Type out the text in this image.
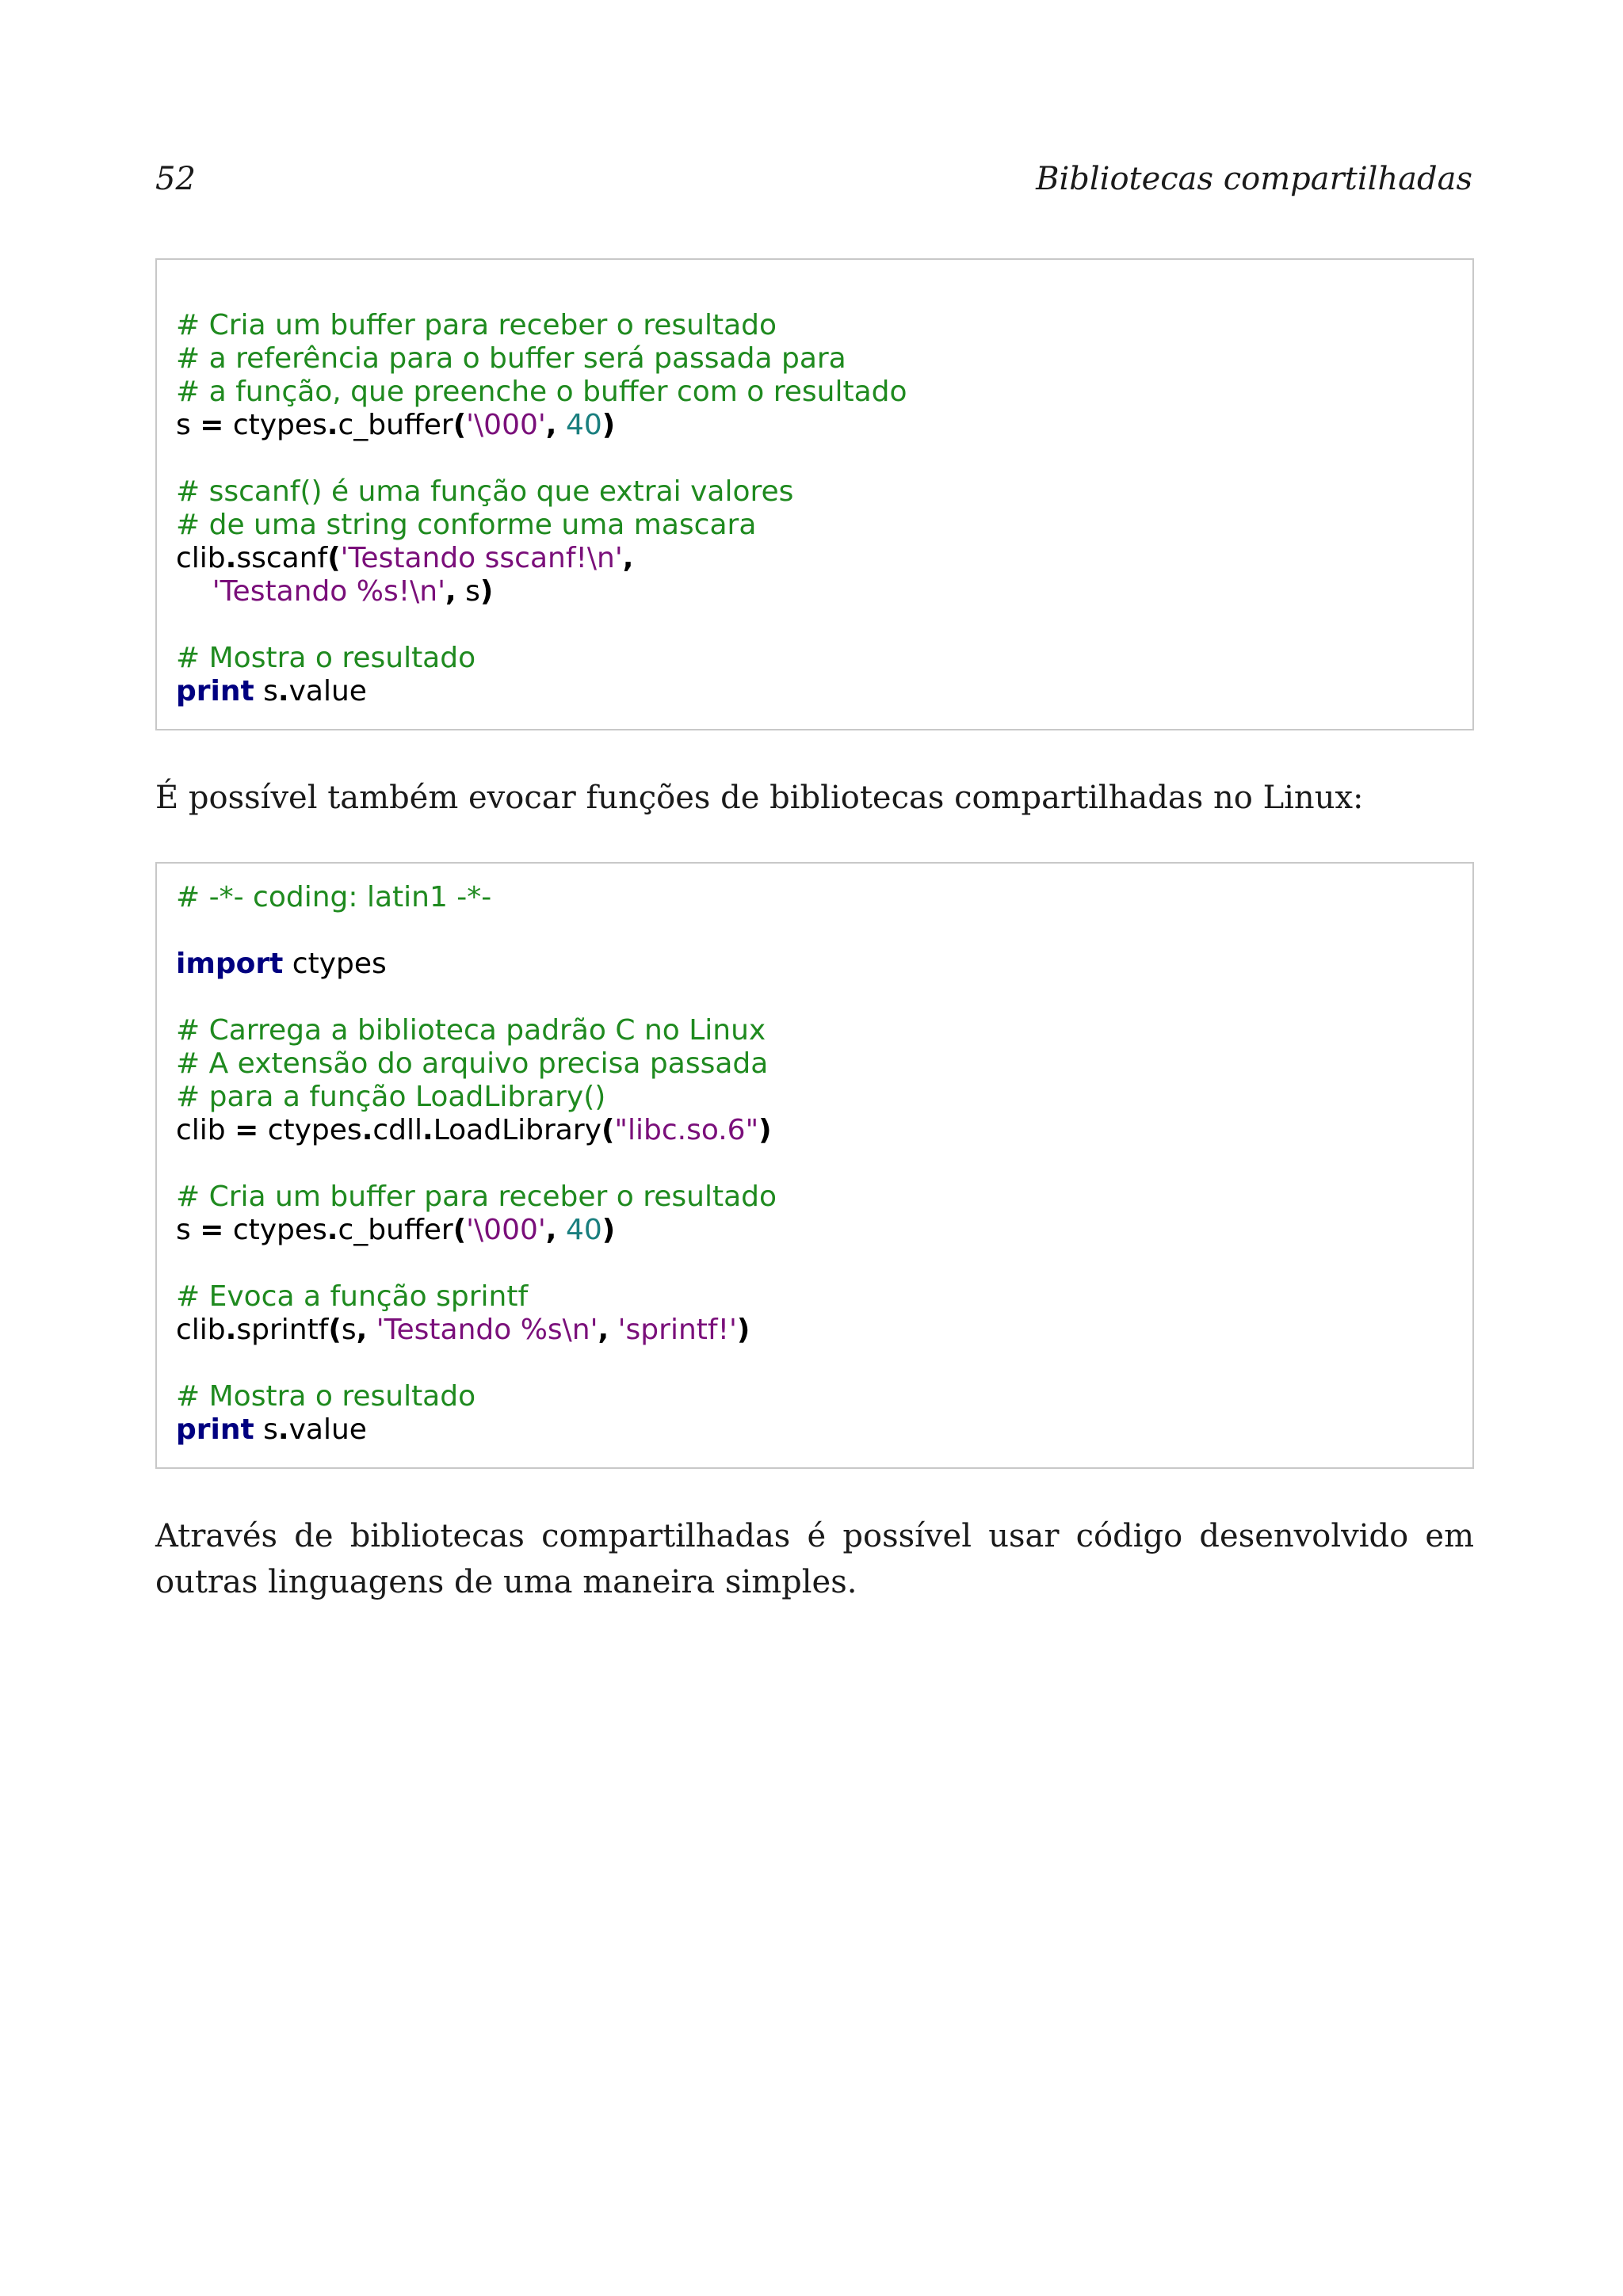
52	Bibliotecas compartilhadas
# Cria um buffer para receber o resultado
# a referência para o buffer será passada para
# a função, que preenche o buffer com o resultado
s = ctypes.c_buffer('\000', 40)
# sscanf() é uma função que extrai valores
# de uma string conforme uma mascara
clib.sscanf('Testando sscanf!\n',
'Testando %s!\n', s)
# Mostra o resultado
print s.value
É possível também evocar funções de bibliotecas compartilhadas no Linux:
# -*- coding: latin1 -*-
import ctypes
# Carrega a biblioteca padrão C no Linux
# A extensão do arquivo precisa passada
# para a função LoadLibrary()
clib = ctypes.cdll.LoadLibrary("libc.so.6")
# Cria um buffer para receber o resultado
s = ctypes.c_buffer('\000', 40)
# Evoca a função sprintf
clib.sprintf(s, 'Testando %s\n', 'sprintf!')
# Mostra o resultado
print s.value
Através de bibliotecas compartilhadas é possível usar código desenvolvido em outras linguagens de uma maneira simples.
